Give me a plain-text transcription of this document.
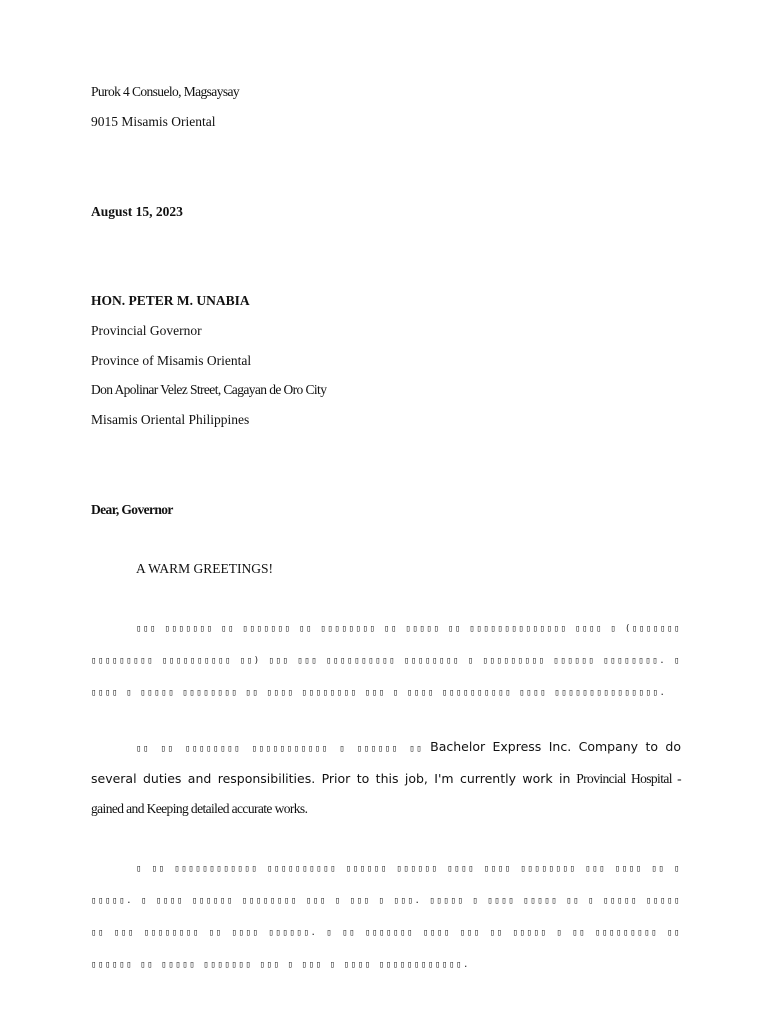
Purok 4 Consuelo, Magsaysay
9015 Misamis Oriental
August 15, 2023
HON. PETER M. UNABIA
Provincial Governor
Province of Misamis Oriental
Don Apolinar Velez Street, Cagayan de Oro City
Misamis Oriental Philippines
Dear, Governor
A WARM GREETINGS!

▯▯▯ ▯▯▯▯▯▯▯ ▯▯ ▯▯▯▯▯▯▯ ▯▯ ▯▯▯▯▯▯▯▯ ▯▯ ▯▯▯▯▯ ▯▯ ▯▯▯▯▯▯▯▯▯▯▯▯▯▯ ▯▯▯▯ ▯ (▯▯▯▯▯▯▯ ▯▯▯▯▯▯▯▯▯ ▯▯▯▯▯▯▯▯▯▯ ▯▯) ▯▯▯ ▯▯▯ ▯▯▯▯▯▯▯▯▯▯ ▯▯▯▯▯▯▯▯ ▯ ▯▯▯▯▯▯▯▯▯ ▯▯▯▯▯▯ ▯▯▯▯▯▯▯▯. ▯ ▯▯▯▯ ▯ ▯▯▯▯▯ ▯▯▯▯▯▯▯▯ ▯▯ ▯▯▯▯ ▯▯▯▯▯▯▯▯ ▯▯▯ ▯ ▯▯▯▯ ▯▯▯▯▯▯▯▯▯▯ ▯▯▯▯ ▯▯▯▯▯▯▯▯▯▯▯▯▯▯▯.

▯▯ ▯▯ ▯▯▯▯▯▯▯▯ ▯▯▯▯▯▯▯▯▯▯▯ ▯ ▯▯▯▯▯▯ ▯▯ Bachelor Express Inc. Company to do several duties and responsibilities. Prior to this job, I'm currently work in Provincial Hospital - gained and Keeping detailed accurate works.

▯ ▯▯ ▯▯▯▯▯▯▯▯▯▯▯▯ ▯▯▯▯▯▯▯▯▯▯ ▯▯▯▯▯▯ ▯▯▯▯▯▯ ▯▯▯▯ ▯▯▯▯ ▯▯▯▯▯▯▯▯ ▯▯▯ ▯▯▯▯ ▯▯ ▯ ▯▯▯▯▯. ▯ ▯▯▯▯ ▯▯▯▯▯▯ ▯▯▯▯▯▯▯▯ ▯▯▯ ▯ ▯▯▯ ▯ ▯▯▯. ▯▯▯▯▯ ▯ ▯▯▯▯ ▯▯▯▯▯ ▯▯ ▯ ▯▯▯▯▯ ▯▯▯▯▯ ▯▯ ▯▯▯ ▯▯▯▯▯▯▯▯ ▯▯ ▯▯▯▯ ▯▯▯▯▯▯. ▯ ▯▯ ▯▯▯▯▯▯▯ ▯▯▯▯ ▯▯▯ ▯▯ ▯▯▯▯▯ ▯ ▯▯ ▯▯▯▯▯▯▯▯▯ ▯▯ ▯▯▯▯▯▯ ▯▯ ▯▯▯▯▯ ▯▯▯▯▯▯▯ ▯▯▯ ▯ ▯▯▯ ▯ ▯▯▯▯ ▯▯▯▯▯▯▯▯▯▯▯▯.
